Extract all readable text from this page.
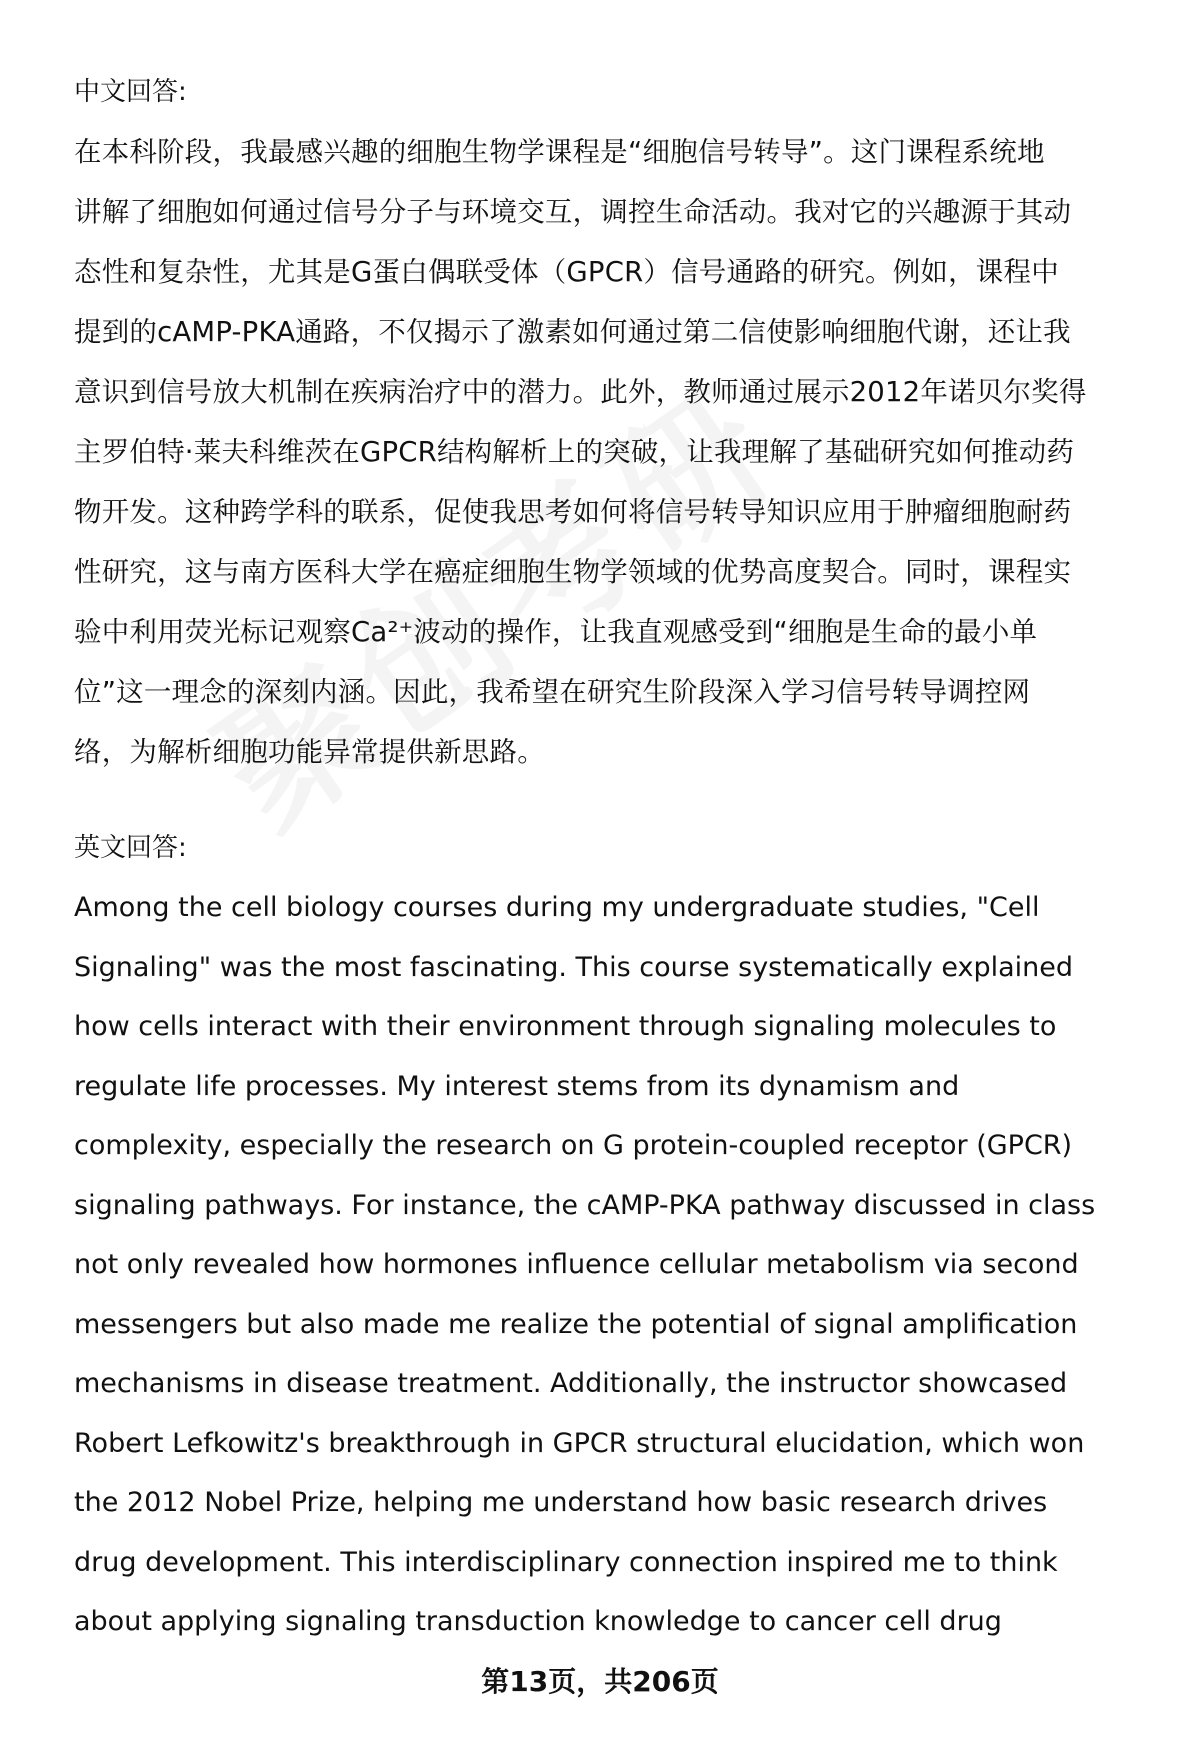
中文回答:
在本科阶段，我最感兴趣的细胞生物学课程是“细胞信号转导”。这门课程系统地
讲解了细胞如何通过信号分子与环境交互，调控生命活动。我对它的兴趣源于其动
态性和复杂性，尤其是G蛋白偶联受体（GPCR）信号通路的研究。例如，课程中
提到的cAMP-PKA通路，不仅揭示了激素如何通过第二信使影响细胞代谢，还让我
意识到信号放大机制在疾病治疗中的潜力。此外，教师通过展示2012年诺贝尔奖得
主罗伯特·莱夫科维茨在GPCR结构解析上的突破，让我理解了基础研究如何推动药
物开发。这种跨学科的联系，促使我思考如何将信号转导知识应用于肿瘤细胞耐药
性研究，这与南方医科大学在癌症细胞生物学领域的优势高度契合。同时，课程实
验中利用荧光标记观察Ca²⁺波动的操作，让我直观感受到“细胞是生命的最小单
位”这一理念的深刻内涵。因此，我希望在研究生阶段深入学习信号转导调控网
络，为解析细胞功能异常提供新思路。
英文回答:
Among the cell biology courses during my undergraduate studies, "Cell
Signaling" was the most fascinating. This course systematically explained
how cells interact with their environment through signaling molecules to
regulate life processes. My interest stems from its dynamism and
complexity, especially the research on G protein-coupled receptor (GPCR)
signaling pathways. For instance, the cAMP-PKA pathway discussed in class
not only revealed how hormones influence cellular metabolism via second
messengers but also made me realize the potential of signal amplification
mechanisms in disease treatment. Additionally, the instructor showcased
Robert Lefkowitz's breakthrough in GPCR structural elucidation, which won
the 2012 Nobel Prize, helping me understand how basic research drives
drug development. This interdisciplinary connection inspired me to think
about applying signaling transduction knowledge to cancer cell drug
第13页，共206页
